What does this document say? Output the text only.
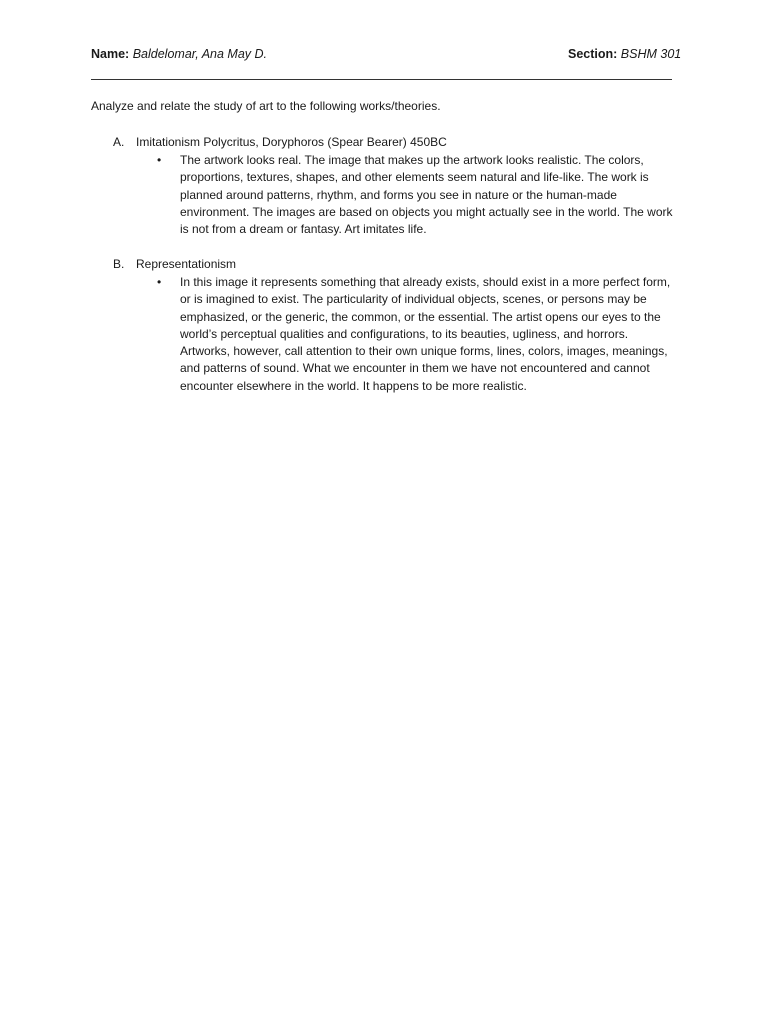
Name: Baldelomar, Ana May D.	Section: BSHM 301
Analyze and relate the study of art to the following works/theories.
A. Imitationism Polycritus, Doryphoros (Spear Bearer) 450BC
• The artwork looks real. The image that makes up the artwork looks realistic. The colors, proportions, textures, shapes, and other elements seem natural and life-like. The work is planned around patterns, rhythm, and forms you see in nature or the human-made environment. The images are based on objects you might actually see in the world. The work is not from a dream or fantasy. Art imitates life.
B. Representationism
• In this image it represents something that already exists, should exist in a more perfect form, or is imagined to exist. The particularity of individual objects, scenes, or persons may be emphasized, or the generic, the common, or the essential. The artist opens our eyes to the world’s perceptual qualities and configurations, to its beauties, ugliness, and horrors. Artworks, however, call attention to their own unique forms, lines, colors, images, meanings, and patterns of sound. What we encounter in them we have not encountered and cannot encounter elsewhere in the world. It happens to be more realistic.
